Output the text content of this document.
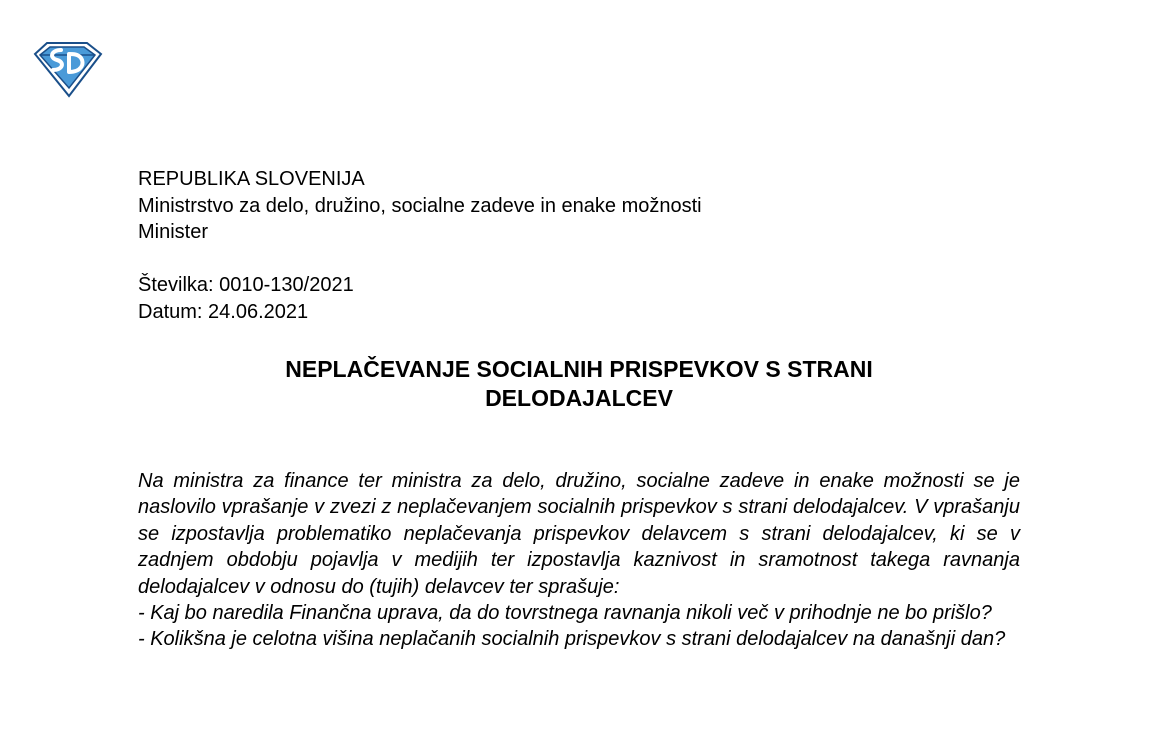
REPUBLIKA SLOVENIJA
Ministrstvo za delo, družino, socialne zadeve in enake možnosti
Minister
Številka: 0010-130/2021
Datum: 24.06.2021
NEPLAČEVANJE SOCIALNIH PRISPEVKOV S STRANI
DELODAJALCEV

Na ministra za finance ter ministra za delo, družino, socialne zadeve in enake možnosti se je naslovilo vprašanje v zvezi z neplačevanjem socialnih prispevkov s strani delodajalcev. V vprašanju se izpostavlja problematiko neplačevanja prispevkov delavcem s strani delodajalcev, ki se v zadnjem obdobju pojavlja v medijih ter izpostavlja kaznivost in sramotnost takega ravnanja delodajalcev v odnosu do (tujih) delavcev ter sprašuje:

- Kaj bo naredila Finančna uprava, da do tovrstnega ravnanja nikoli več v prihodnje ne bo prišlo?

- Kolikšna je celotna višina neplačanih socialnih prispevkov s strani delodajalcev na današnji dan?
